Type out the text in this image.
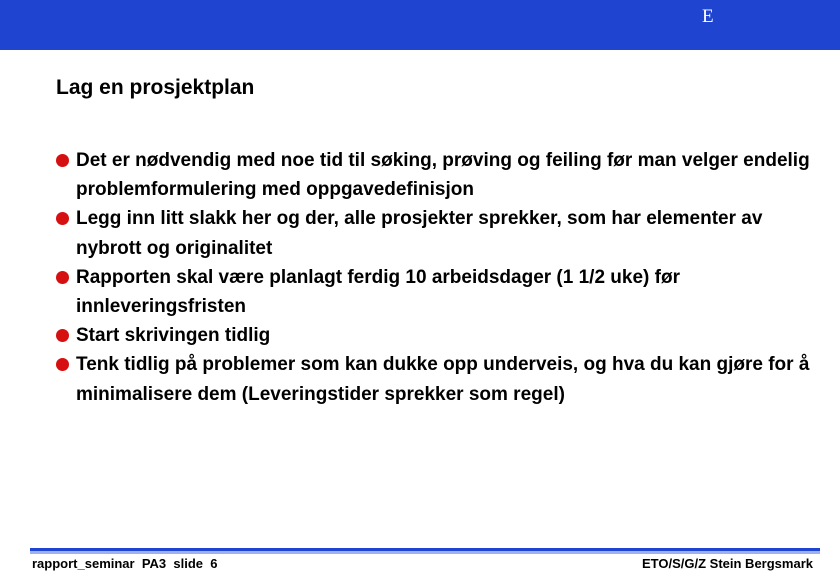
E
Lag en prosjektplan
Det er nødvendig med noe tid til søking, prøving og feiling før man velger endelig problemformulering med oppgavedefinisjon
Legg inn litt slakk her og der, alle prosjekter sprekker, som har elementer av nybrott og originalitet
Rapporten skal være planlagt ferdig 10 arbeidsdager (1 1/2 uke) før innleveringsfristen
Start skrivingen tidlig
Tenk tidlig på problemer som kan dukke opp underveis, og hva du kan gjøre for å minimalisere dem (Leveringstider sprekker som regel)
rapport_seminar  PA3  slide  6	ETO/S/G/Z Stein Bergsmark
